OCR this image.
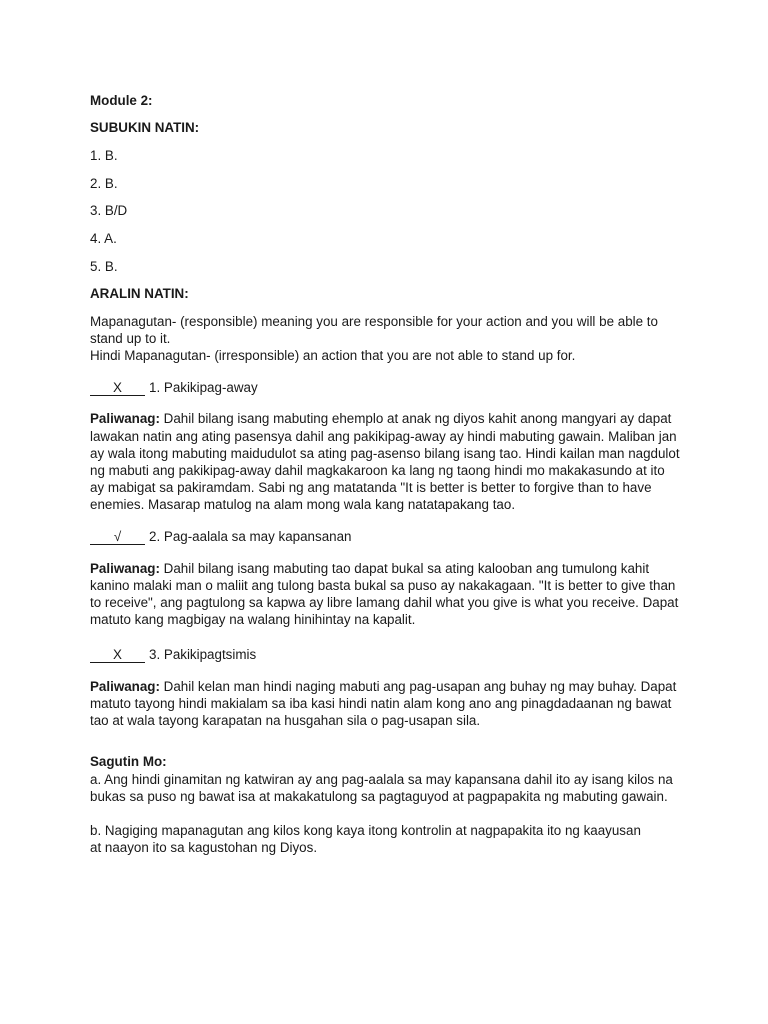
Module 2:

SUBUKIN NATIN:

1. B.

2. B.

3. B/D

4. A.

5. B.

ARALIN NATIN:

Mapanagutan- (responsible) meaning you are responsible for your action and you will be able to stand up to it.

Hindi Mapanagutan- (irresponsible) an action that you are not able to stand up for.

X	1. Pakikipag-away

Paliwanag: Dahil bilang isang mabuting ehemplo at anak ng diyos kahit anong mangyari ay dapat lawakan natin ang ating pasensya dahil ang pakikipag-away ay hindi mabuting gawain. Maliban jan ay wala itong mabuting maidudulot sa ating pag-asenso bilang isang tao. Hindi kailan man nagdulot ng mabuti ang pakikipag-away dahil magkakaroon ka lang ng taong hindi mo makakasundo at ito ay mabigat sa pakiramdam. Sabi ng ang matatanda "It is better is better to forgive than to have enemies. Masarap matulog na alam mong wala kang natatapakang tao.

√	2. Pag-aalala sa may kapansanan

Paliwanag: Dahil bilang isang mabuting tao dapat bukal sa ating kalooban ang tumulong kahit kanino malaki man o maliit ang tulong basta bukal sa puso ay nakakagaan. "It is better to give than to receive", ang pagtulong sa kapwa ay libre lamang dahil what you give is what you receive. Dapat matuto kang magbigay na walang hinihintay na kapalit.

X	3. Pakikipagtsimis

Paliwanag: Dahil kelan man hindi naging mabuti ang pag-usapan ang buhay ng may buhay. Dapat matuto tayong hindi makialam sa iba kasi hindi natin alam kong ano ang pinagdadaanan ng bawat tao at wala tayong karapatan na husgahan sila o pag-usapan sila.

Sagutin Mo:

a. Ang hindi ginamitan ng katwiran ay ang pag-aalala sa may kapansana dahil ito ay isang kilos na bukas sa puso ng bawat isa at makakatulong sa pagtaguyod at pagpapakita ng mabuting gawain.

b. Nagiging mapanagutan ang kilos kong kaya itong kontrolin at nagpapakita ito ng kaayusan at naayon ito sa kagustohan ng Diyos.
